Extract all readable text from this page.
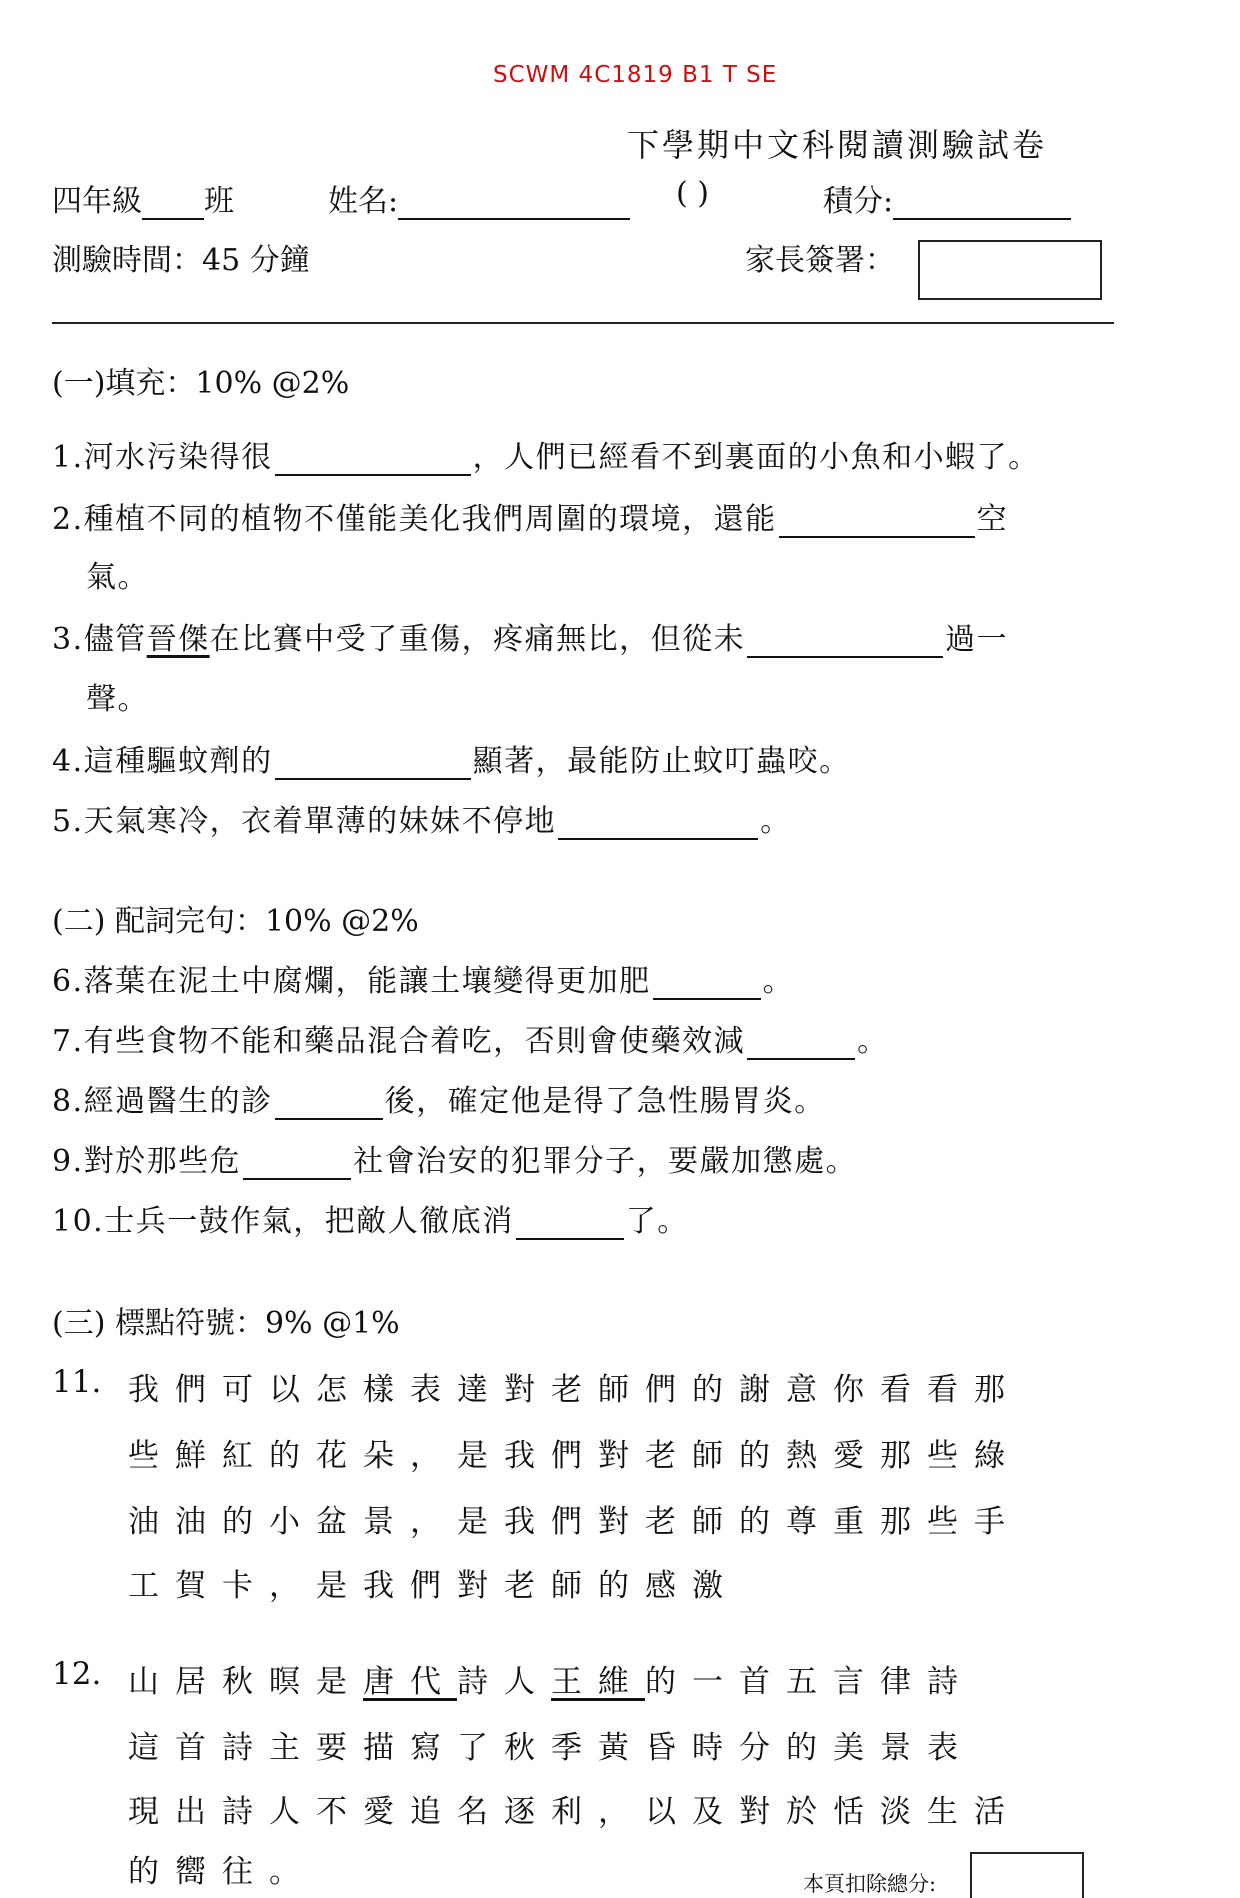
SCWM 4C1819 B1 T SE
下學期中文科閱讀測驗試卷
四年級 班	姓名:	( )	積分:
測驗時間：45 分鐘	家長簽署：
(一)填充：10% @2%
1.河水污染得很	，人們已經看不到裏面的小魚和小蝦了。
2.種植不同的植物不僅能美化我們周圍的環境，還能	空
氣。
3.儘管晉傑在比賽中受了重傷，疼痛無比，但從未	過一
聲。
4.這種驅蚊劑的	顯著，最能防止蚊叮蟲咬。
5.天氣寒冷，衣着單薄的妹妹不停地	。
(二) 配詞完句：10% @2%
6.落葉在泥土中腐爛，能讓土壤變得更加肥	。
7.有些食物不能和藥品混合着吃，否則會使藥效減	。
8.經過醫生的診	後，確定他是得了急性腸胃炎。
9.對於那些危	社會治安的犯罪分子，要嚴加懲處。
10.士兵一鼓作氣，把敵人徹底消	了。
(三) 標點符號：9% @1%
11. 我們可以怎樣表達對老師們的謝意你看看那
些鮮紅的花朵，是我們對老師的熱愛那些綠
油油的小盆景，是我們對老師的尊重那些手
工賀卡，是我們對老師的感激
12. 山居秋暝是唐代詩人王維的一首五言律詩
這首詩主要描寫了秋季黃昏時分的美景表
現出詩人不愛追名逐利，以及對於恬淡生活
的嚮往。	本頁扣除總分:
